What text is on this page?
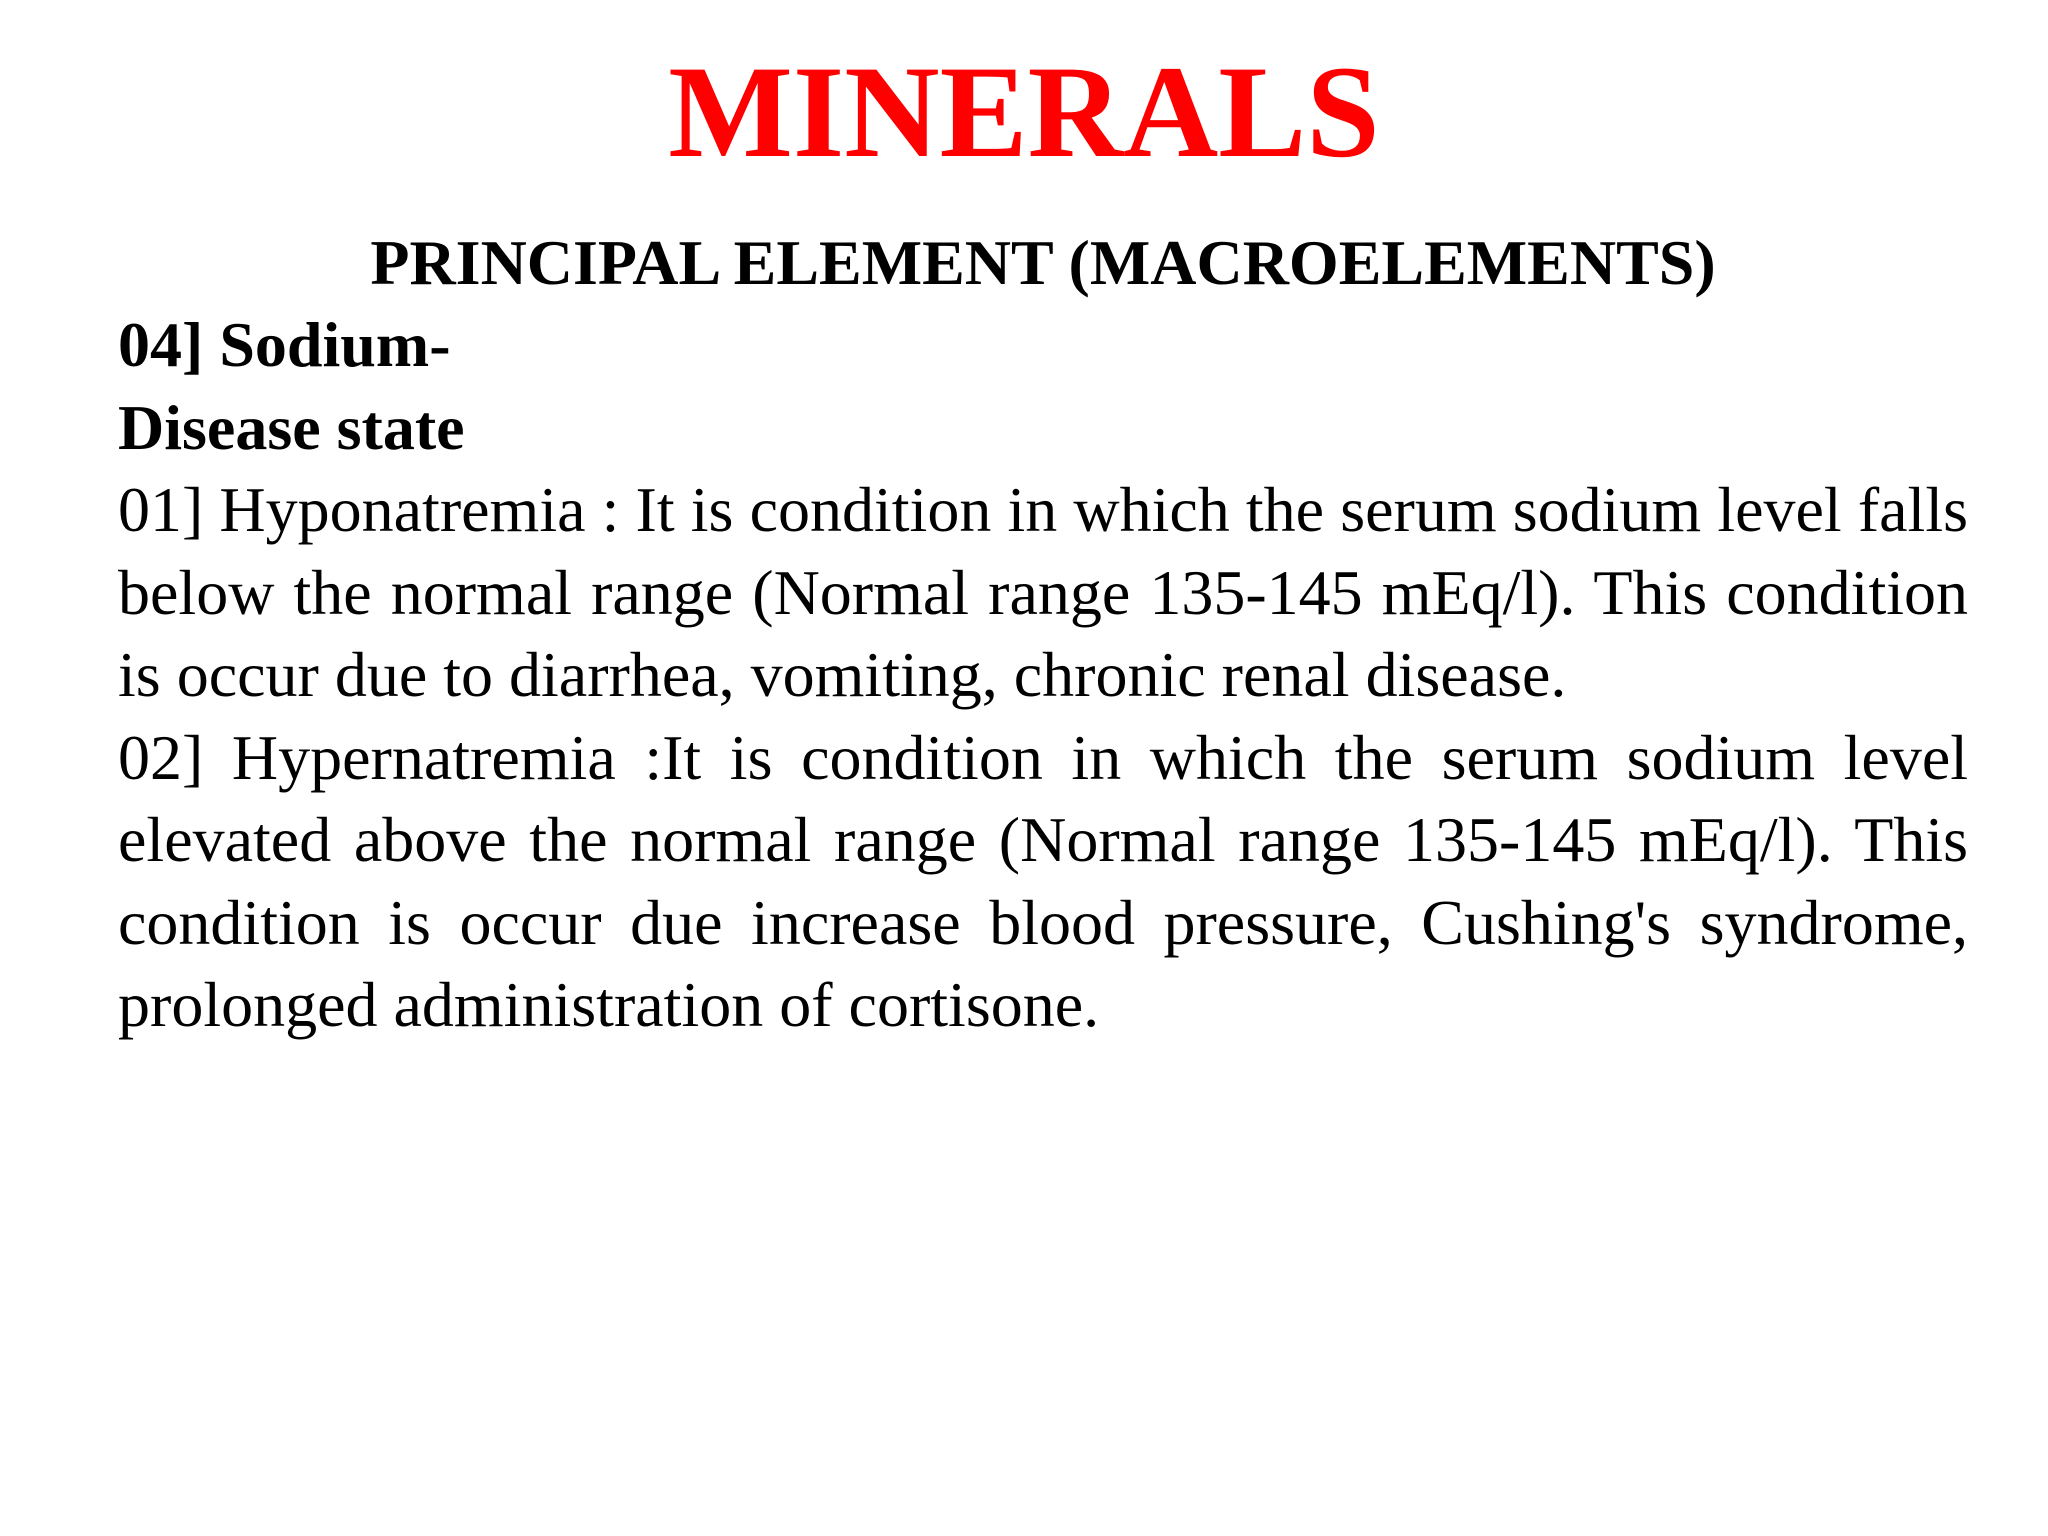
MINERALS
PRINCIPAL ELEMENT (MACROELEMENTS)
04] Sodium-
Disease state

01] Hyponatremia : It is condition in which the serum sodium level falls below the normal range (Normal range 135-145 mEq/l). This condition is occur due to diarrhea, vomiting, chronic renal disease.

02] Hypernatremia :It is condition in which the serum sodium level elevated above the normal range (Normal range 135-145 mEq/l). This condition is occur due increase blood pressure, Cushing's syndrome, prolonged administration of cortisone.
